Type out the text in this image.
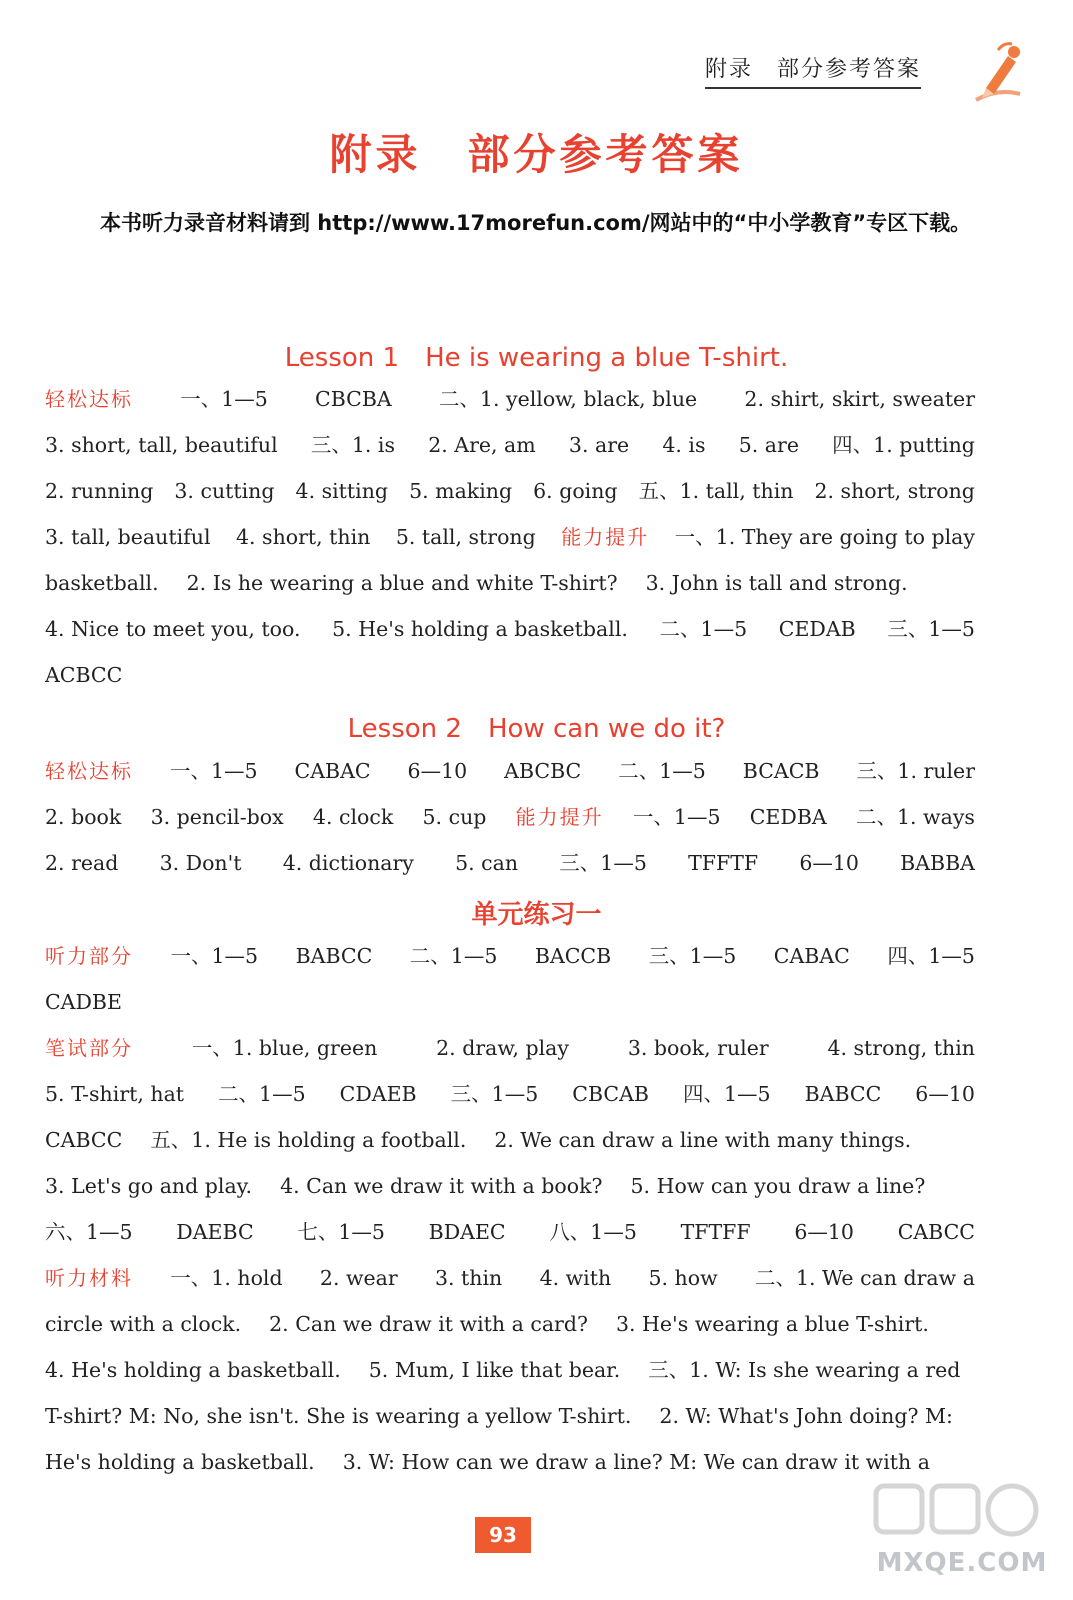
附录　部分参考答案
附录　部分参考答案
本书听力录音材料请到 http://www.17morefun.com/网站中的“中小学教育”专区下载。
Lesson 1　He is wearing a blue T-shirt.
轻松达标 一、1—5 CBCBA 二、1. yellow, black, blue 2. shirt, skirt, sweater
3. short, tall, beautiful 三、1. is 2. Are, am 3. are 4. is 5. are 四、1. putting
2. running 3. cutting 4. sitting 5. making 6. going 五、1. tall, thin 2. short, strong
3. tall, beautiful 4. short, thin 5. tall, strong 能力提升 一、1. They are going to play
basketball. 2. Is he wearing a blue and white T-shirt? 3. John is tall and strong.
4. Nice to meet you, too. 5. He's holding a basketball. 二、1—5 CEDAB 三、1—5
ACBCC
Lesson 2　How can we do it?
轻松达标 一、1—5 CABAC 6—10 ABCBC 二、1—5 BCACB 三、1. ruler
2. book 3. pencil-box 4. clock 5. cup 能力提升 一、1—5 CEDBA 二、1. ways
2. read 3. Don't 4. dictionary 5. can 三、1—5 TFFTF 6—10 BABBA
单元练习一
听力部分 一、1—5 BABCC 二、1—5 BACCB 三、1—5 CABAC 四、1—5
CADBE
笔试部分	一、1. blue, green	2. draw, play	3. book, ruler	4. strong, thin
5. T-shirt, hat 二、1—5 CDAEB 三、1—5 CBCAB 四、1—5 BABCC 6—10
CABCC 五、1. He is holding a football. 2. We can draw a line with many things.
3. Let's go and play. 4. Can we draw it with a book? 5. How can you draw a line?
六、1—5 DAEBC 七、1—5 BDAEC 八、1—5 TFTFF 6—10 CABCC
听力材料 一、1. hold 2. wear 3. thin 4. with 5. how 二、1. We can draw a
circle with a clock. 2. Can we draw it with a card? 3. He's wearing a blue T-shirt.
4. He's holding a basketball. 5. Mum, I like that bear. 三、1. W: Is she wearing a red
T-shirt? M: No, she isn't. She is wearing a yellow T-shirt. 2. W: What's John doing? M:
He's holding a basketball. 3. W: How can we draw a line? M: We can draw it with a
93
MXQE.COM
